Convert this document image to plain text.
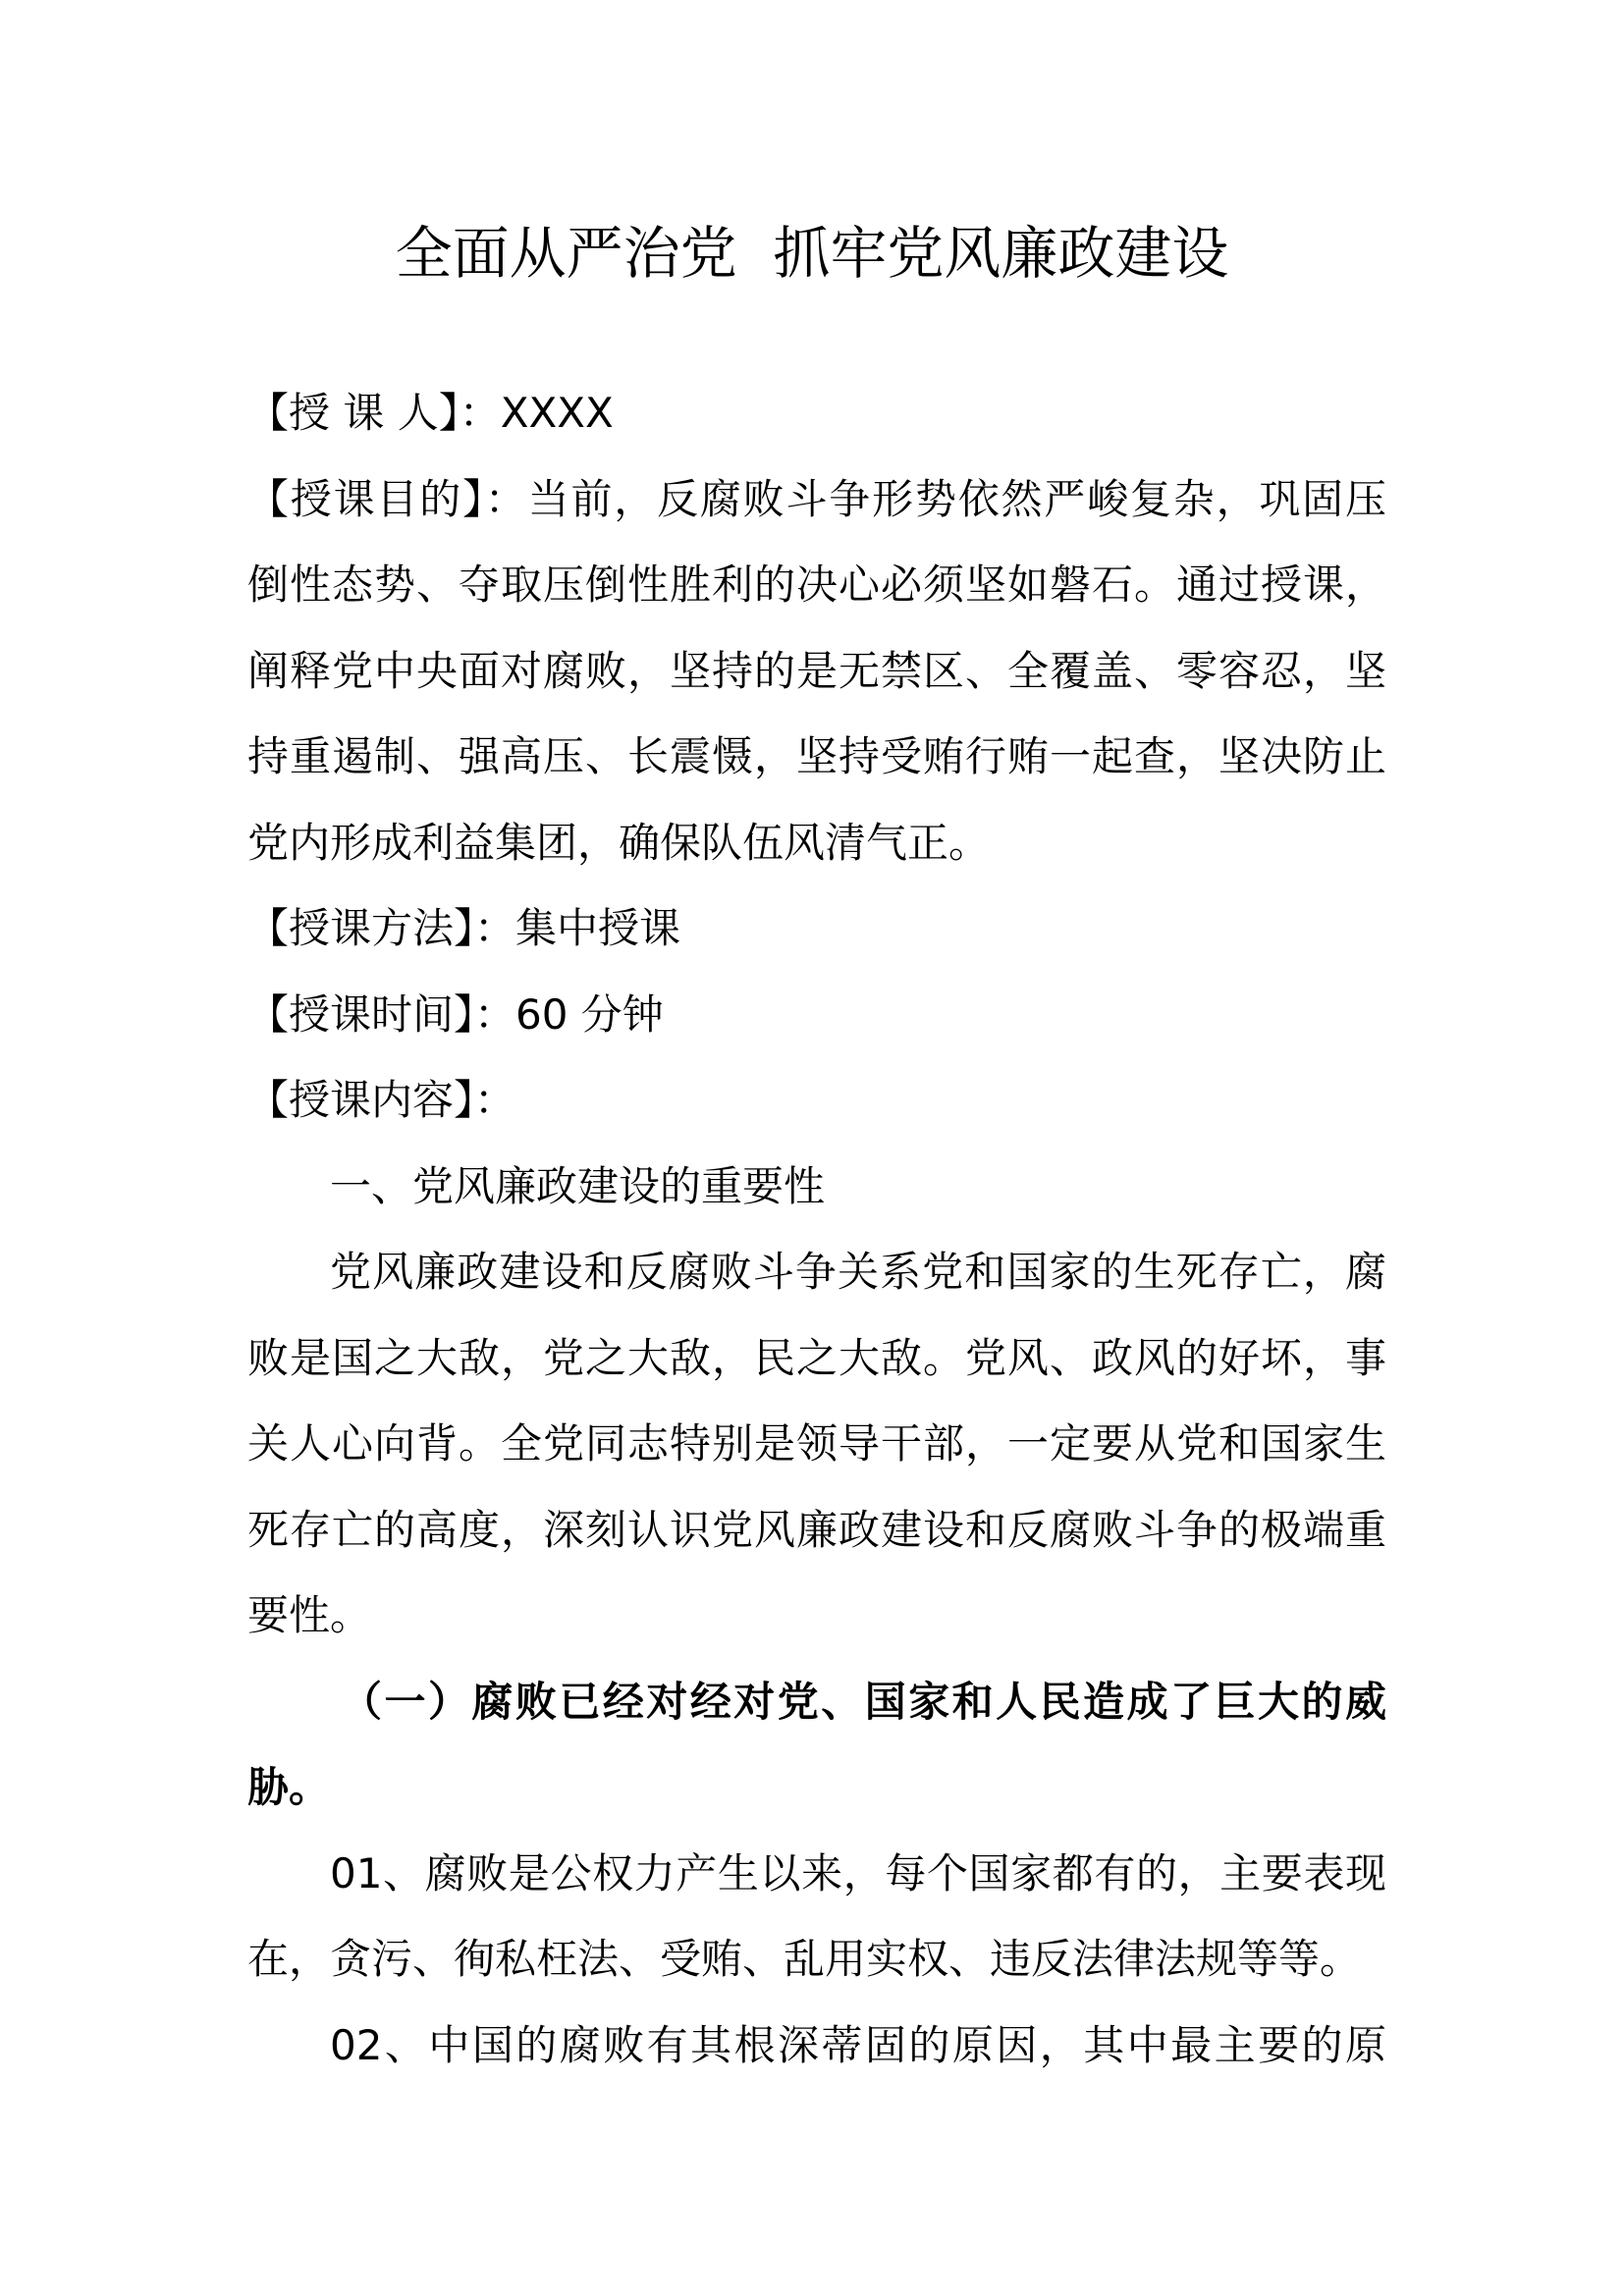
全面从严治党  抓牢党风廉政建设
【授 课 人】：XXXX
【授课目的】：当前，反腐败斗争形势依然严峻复杂，巩固压
倒性态势、夺取压倒性胜利的决心必须坚如磐石。通过授课，
阐释党中央面对腐败，坚持的是无禁区、全覆盖、零容忍，坚
持重遏制、强高压、长震慑，坚持受贿行贿一起查，坚决防止
党内形成利益集团，确保队伍风清气正。
【授课方法】：集中授课
【授课时间】：60 分钟
【授课内容】：
一、党风廉政建设的重要性
党风廉政建设和反腐败斗争关系党和国家的生死存亡，腐
败是国之大敌，党之大敌，民之大敌。党风、政风的好坏，事
关人心向背。全党同志特别是领导干部，一定要从党和国家生
死存亡的高度，深刻认识党风廉政建设和反腐败斗争的极端重
要性。
（一）腐败已经对经对党、国家和人民造成了巨大的威
胁。
01、腐败是公权力产生以来，每个国家都有的，主要表现
在，贪污、徇私枉法、受贿、乱用实权、违反法律法规等等。
02、中国的腐败有其根深蒂固的原因，其中最主要的原
